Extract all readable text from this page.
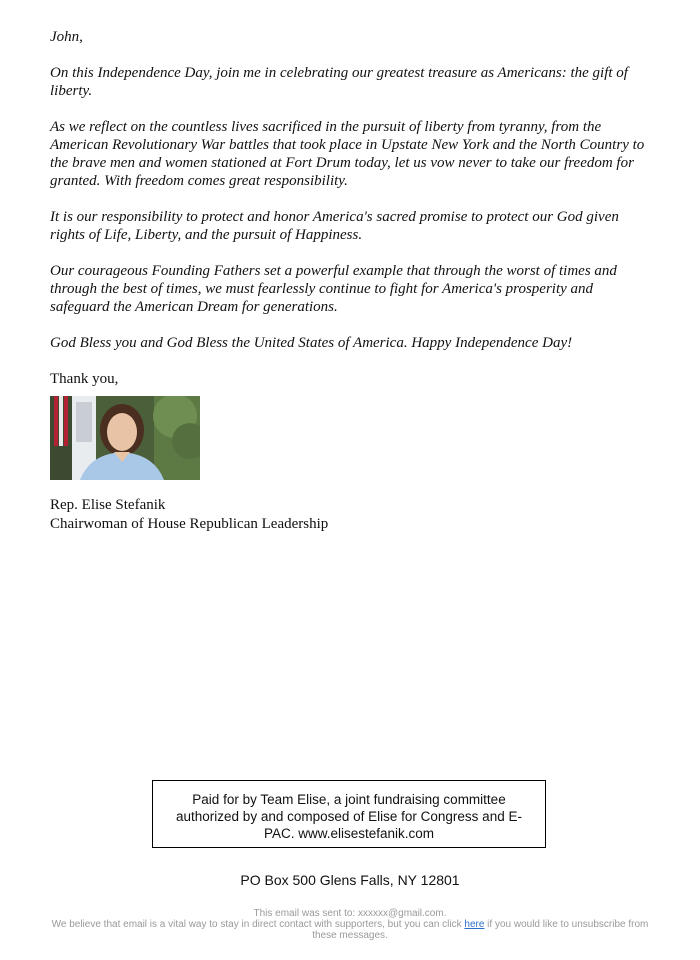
John,

On this Independence Day, join me in celebrating our greatest treasure as Americans: the gift of liberty.

As we reflect on the countless lives sacrificed in the pursuit of liberty from tyranny, from the American Revolutionary War battles that took place in Upstate New York and the North Country to the brave men and women stationed at Fort Drum today, let us vow never to take our freedom for granted. With freedom comes great responsibility.

It is our responsibility to protect and honor America's sacred promise to protect our God given rights of Life, Liberty, and the pursuit of Happiness.

Our courageous Founding Fathers set a powerful example that through the worst of times and through the best of times, we must fearlessly continue to fight for America's prosperity and safeguard the American Dream for generations.

God Bless you and God Bless the United States of America. Happy Independence Day!

Thank you,
Rep. Elise Stefanik
Chairwoman of House Republican Leadership
Paid for by Team Elise, a joint fundraising committee authorized by and composed of Elise for Congress and E-PAC. www.elisestefanik.com
PO Box 500 Glens Falls, NY 12801
This email was sent to: xxxxxx@gmail.com.
We believe that email is a vital way to stay in direct contact with supporters, but you can click here if you would like to unsubscribe from these messages.
